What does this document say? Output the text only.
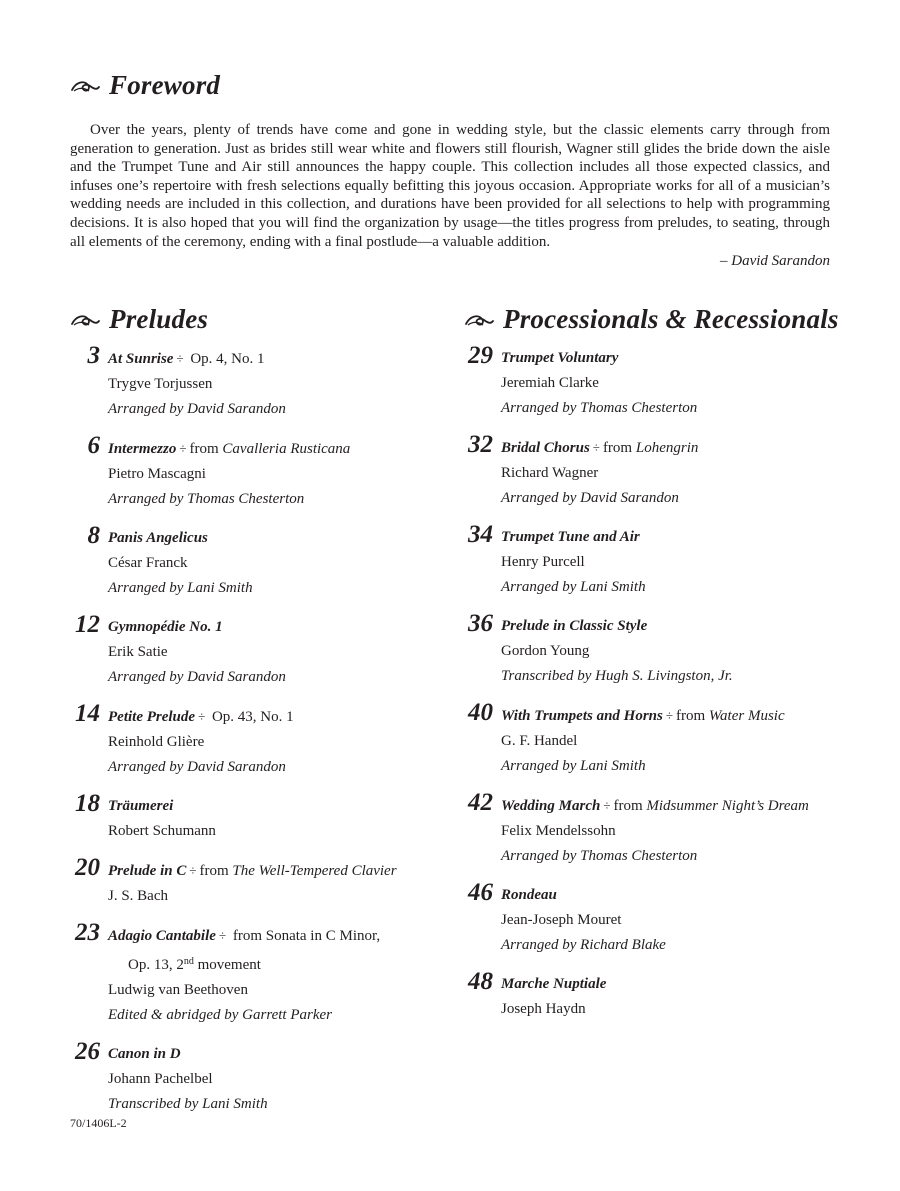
Foreword

Over the years, plenty of trends have come and gone in wedding style, but the classic elements carry through from generation to generation. Just as brides still wear white and flowers still flourish, Wagner still glides the bride down the aisle and the Trumpet Tune and Air still announces the happy couple. This collection includes all those expected classics, and infuses one’s repertoire with fresh selections equally befitting this joyous occasion. Appropriate works for all of a musician’s wedding needs are included in this collection, and durations have been provided for all selections to help with programming decisions. It is also hoped that you will find the organization by usage—the titles progress from preludes, to seating, through all elements of the ceremony, ending with a final postlude—a valuable addition.

– David Sarandon
Preludes	Processionals & Recessionals
3 At Sunrise ÷ Op. 4, No. 1
Trygve Torjussen
Arranged by David Sarandon
6 Intermezzo ÷ from Cavalleria Rusticana
Pietro Mascagni
Arranged by Thomas Chesterton
8 Panis Angelicus
César Franck
Arranged by Lani Smith
12 Gymnopédie No. 1
Erik Satie
Arranged by David Sarandon
14 Petite Prelude ÷ Op. 43, No. 1
Reinhold Glière
Arranged by David Sarandon
18 Träumerei
Robert Schumann
20 Prelude in C ÷ from The Well-Tempered Clavier
J. S. Bach
23 Adagio Cantabile ÷ from Sonata in C Minor,
Op. 13, 2nd movement
Ludwig van Beethoven
Edited & abridged by Garrett Parker
26 Canon in D
Johann Pachelbel
Transcribed by Lani Smith
29 Trumpet Voluntary
Jeremiah Clarke
Arranged by Thomas Chesterton
32 Bridal Chorus ÷ from Lohengrin
Richard Wagner
Arranged by David Sarandon
34 Trumpet Tune and Air
Henry Purcell
Arranged by Lani Smith
36 Prelude in Classic Style
Gordon Young
Transcribed by Hugh S. Livingston, Jr.
40 With Trumpets and Horns ÷ from Water Music
G. F. Handel
Arranged by Lani Smith
42 Wedding March ÷ from Midsummer Night’s Dream
Felix Mendelssohn
Arranged by Thomas Chesterton
46 Rondeau
Jean-Joseph Mouret
Arranged by Richard Blake
48 Marche Nuptiale
Joseph Haydn
70/1406L-2
